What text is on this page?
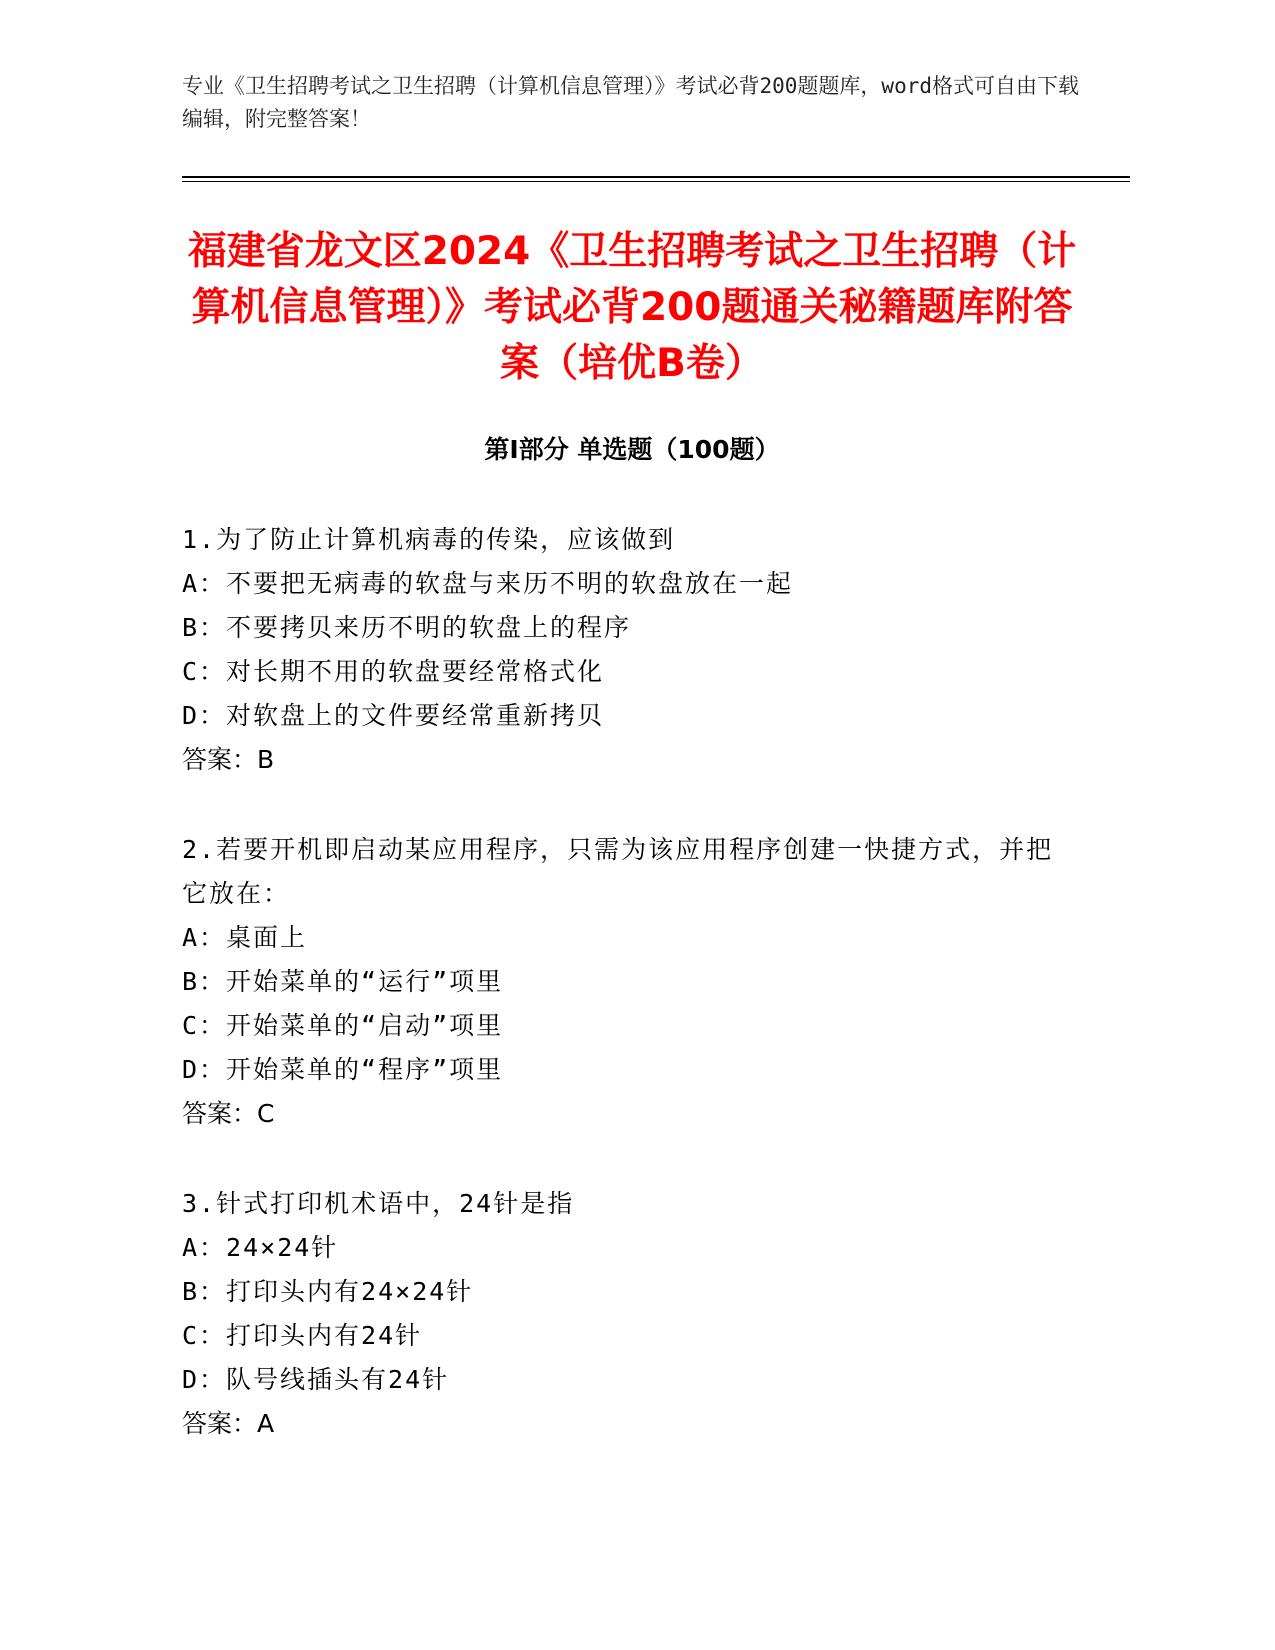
专业《卫生招聘考试之卫生招聘（计算机信息管理）》考试必背200题题库，word格式可自由下载编辑，附完整答案！
福建省龙文区2024《卫生招聘考试之卫生招聘（计算机信息管理）》考试必背200题通关秘籍题库附答案（培优B卷）
第I部分 单选题（100题）
1.为了防止计算机病毒的传染，应该做到
A：不要把无病毒的软盘与来历不明的软盘放在一起
B：不要拷贝来历不明的软盘上的程序
C：对长期不用的软盘要经常格式化
D：对软盘上的文件要经常重新拷贝
答案：B
2.若要开机即启动某应用程序，只需为该应用程序创建一快捷方式，并把它放在：
A：桌面上
B：开始菜单的“运行”项里
C：开始菜单的“启动”项里
D：开始菜单的“程序”项里
答案：C
3.针式打印机术语中，24针是指
A：24×24针
B：打印头内有24×24针
C：打印头内有24针
D：队号线插头有24针
答案：A
